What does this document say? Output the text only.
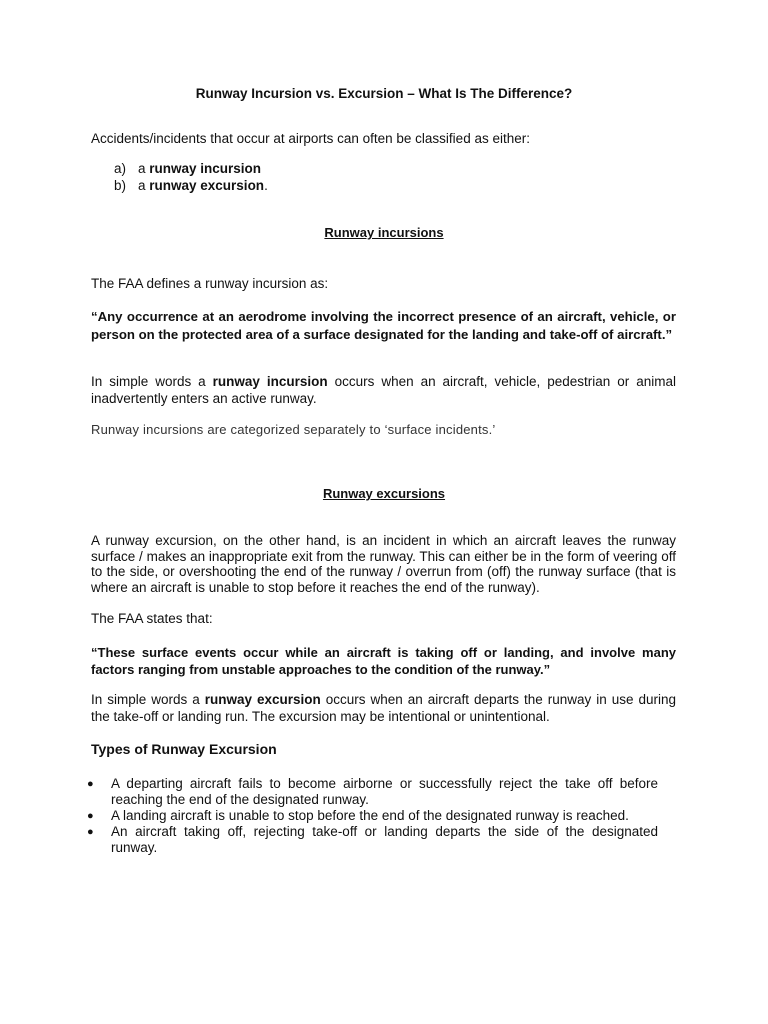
Runway Incursion vs. Excursion – What Is The Difference?
Accidents/incidents that occur at airports can often be classified as either:
a) a runway incursion
b) a runway excursion.
Runway incursions
The FAA defines a runway incursion as:
“Any occurrence at an aerodrome involving the incorrect presence of an aircraft, vehicle, or person on the protected area of a surface designated for the landing and take-off of aircraft.”
In simple words a runway incursion occurs when an aircraft, vehicle, pedestrian or animal inadvertently enters an active runway.
Runway incursions are categorized separately to ‘surface incidents.’
Runway excursions
A runway excursion, on the other hand, is an incident in which an aircraft leaves the runway surface / makes an inappropriate exit from the runway. This can either be in the form of veering off to the side, or overshooting the end of the runway / overrun from (off) the runway surface (that is where an aircraft is unable to stop before it reaches the end of the runway).
The FAA states that:
“These surface events occur while an aircraft is taking off or landing, and involve many factors ranging from unstable approaches to the condition of the runway.”
In simple words a runway excursion occurs when an aircraft departs the runway in use during the take-off or landing run. The excursion may be intentional or unintentional.
Types of Runway Excursion
●	A departing aircraft fails to become airborne or successfully reject the take off before reaching the end of the designated runway.
●	A landing aircraft is unable to stop before the end of the designated runway is reached.
●	An aircraft taking off, rejecting take-off or landing departs the side of the designated runway.
